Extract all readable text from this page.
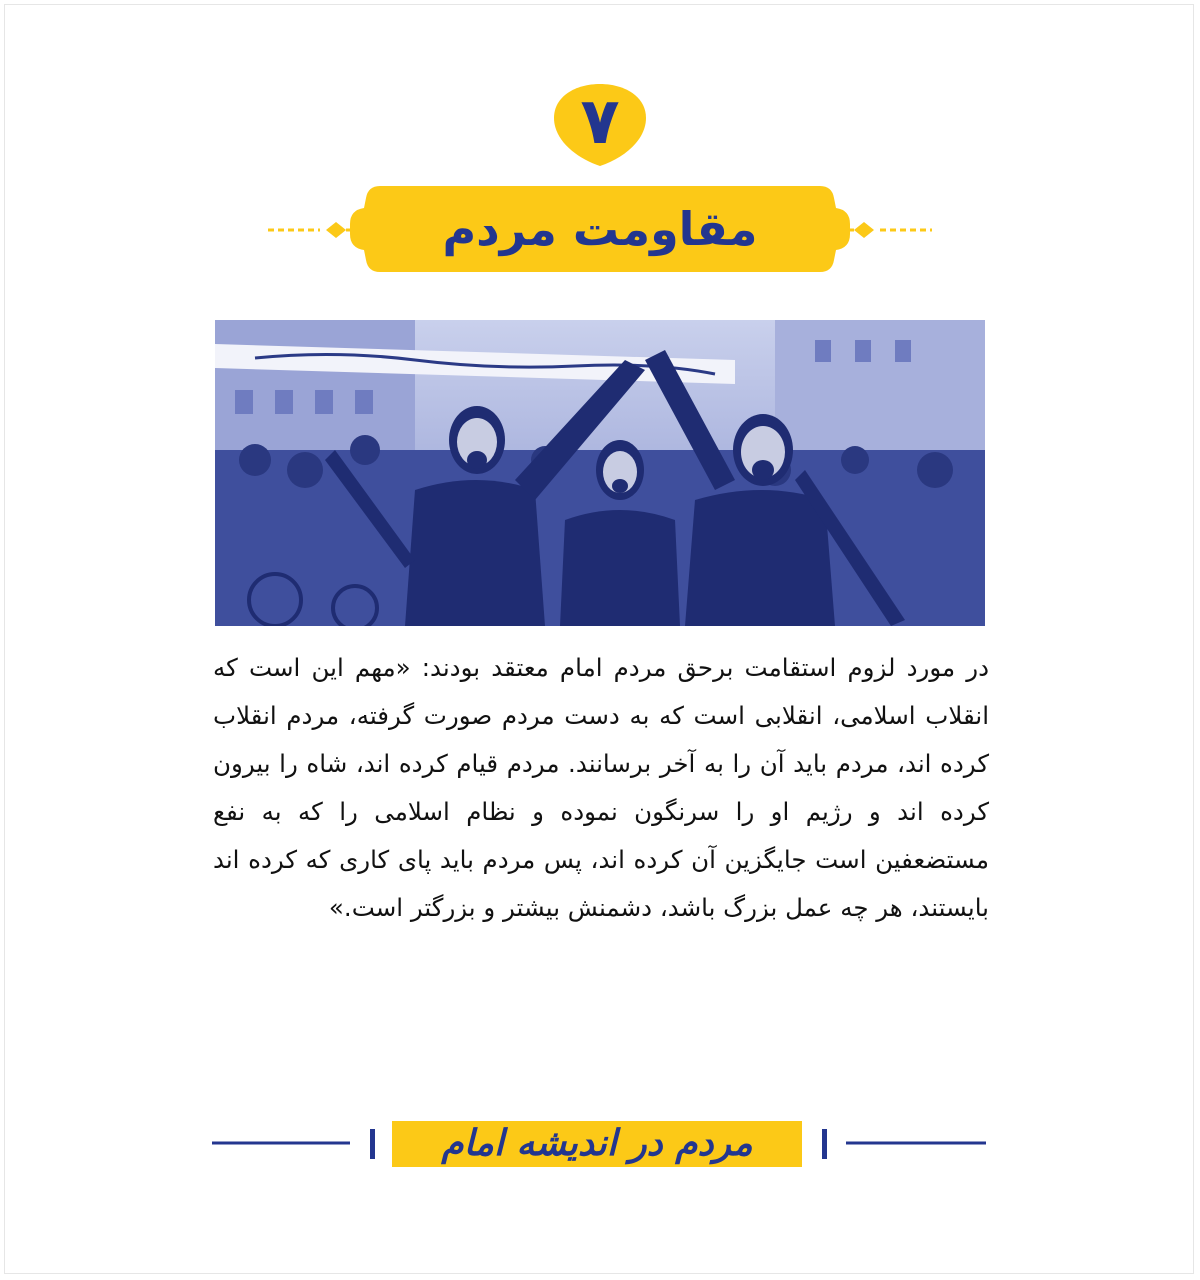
۷
مقاومت مردم
در مورد لزوم استقامت برحق مردم امام معتقد بودند: «مهم این است که انقلاب اسلامی، انقلابی است که به دست مردم صورت گرفته، مردم انقلاب کرده اند، مردم باید آن را به آخر برسانند. مردم قیام کرده اند، شاه را بیرون کرده اند و رژیم او را سرنگون نموده و نظام اسلامی را که به نفع مستضعفین است جایگزین آن کرده اند، پس مردم باید پای کاری که کرده اند بایستند، هر چه عمل بزرگ باشد، دشمنش بیشتر و بزرگتر است.»
مردم در اندیشه امام
